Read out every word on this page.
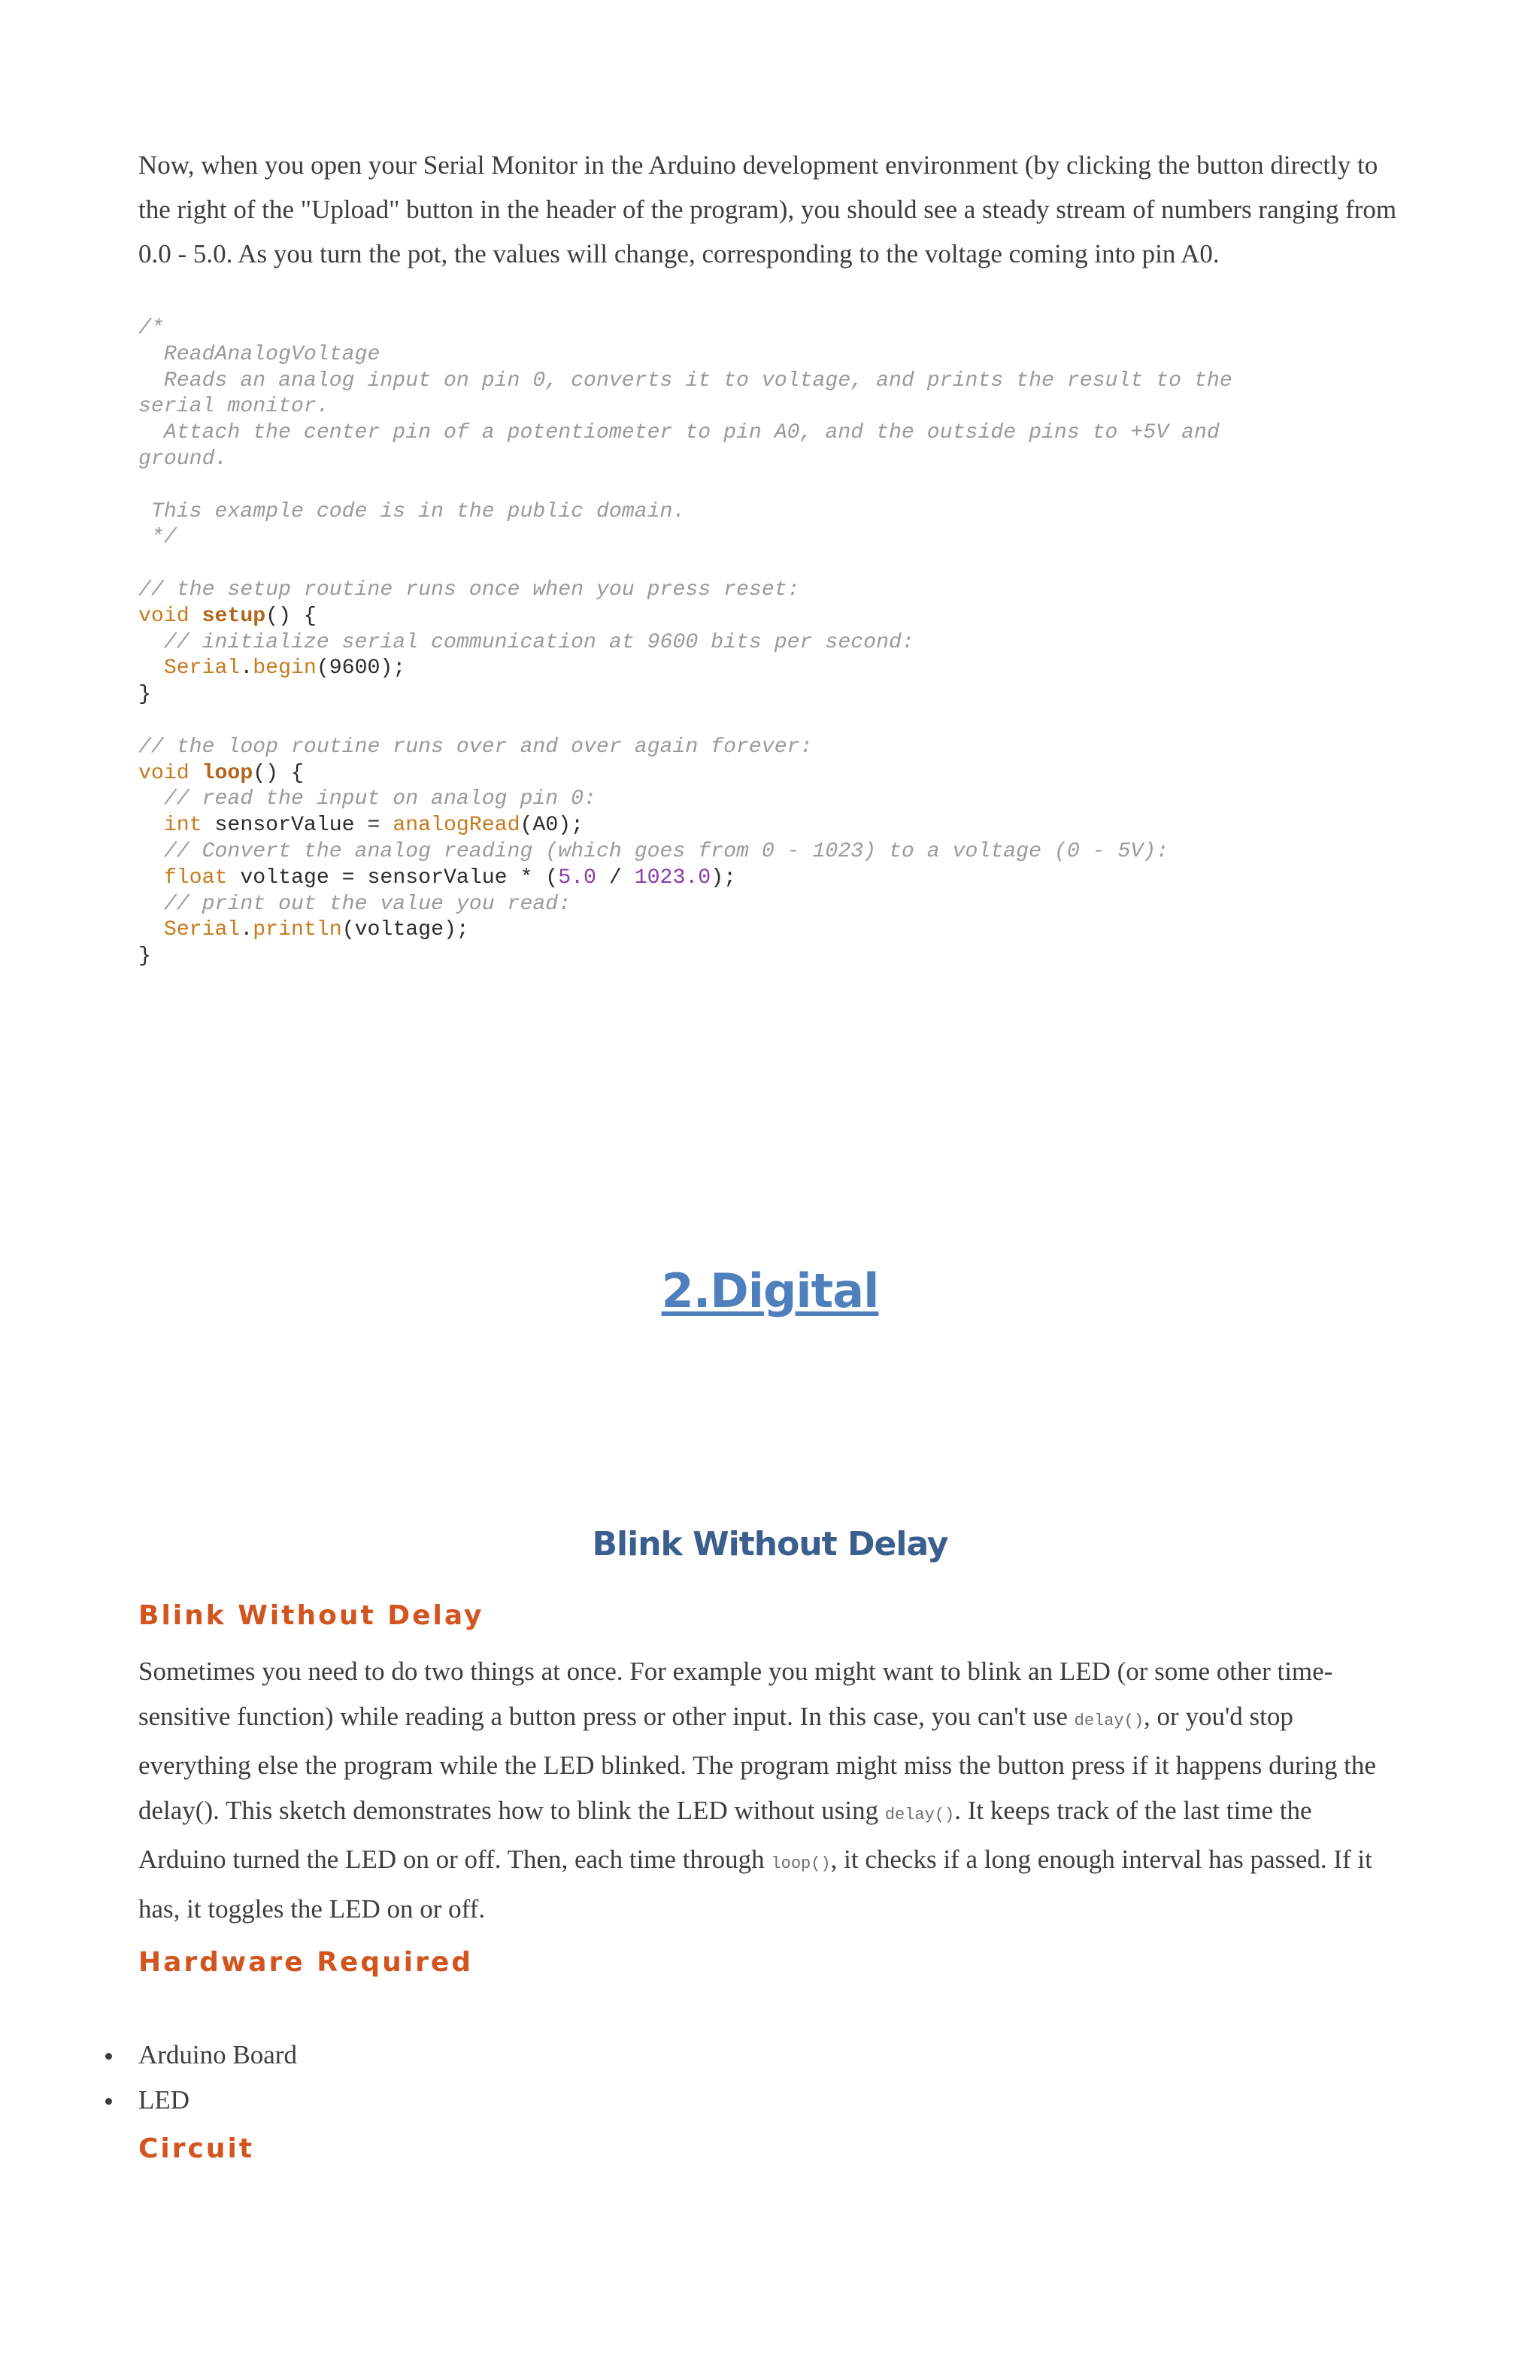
Now, when you open your Serial Monitor in the Arduino development environment (by clicking the button directly to the right of the "Upload" button in the header of the program), you should see a steady stream of numbers ranging from 0.0 - 5.0. As you turn the pot, the values will change, corresponding to the voltage coming into pin A0.

/*
ReadAnalogVoltage
Reads an analog input on pin 0, converts it to voltage, and prints the result to the
serial monitor.
Attach the center pin of a potentiometer to pin A0, and the outside pins to +5V and
ground.

This example code is in the public domain.
*/

// the setup routine runs once when you press reset:
void setup() {
// initialize serial communication at 9600 bits per second:
Serial.begin(9600);
}

// the loop routine runs over and over again forever:
void loop() {
// read the input on analog pin 0:
int sensorValue = analogRead(A0);
// Convert the analog reading (which goes from 0 - 1023) to a voltage (0 - 5V):
float voltage = sensorValue * (5.0 / 1023.0);
// print out the value you read:
Serial.println(voltage);
}
2.Digital
Blink Without Delay
Blink Without Delay

Sometimes you need to do two things at once. For example you might want to blink an LED (or some other time-sensitive function) while reading a button press or other input. In this case, you can't use delay(), or you'd stop everything else the program while the LED blinked. The program might miss the button press if it happens during the delay(). This sketch demonstrates how to blink the LED without using delay(). It keeps track of the last time the Arduino turned the LED on or off. Then, each time through loop(), it checks if a long enough interval has passed. If it has, it toggles the LED on or off.

Hardware Required
Arduino Board
LED
Circuit
